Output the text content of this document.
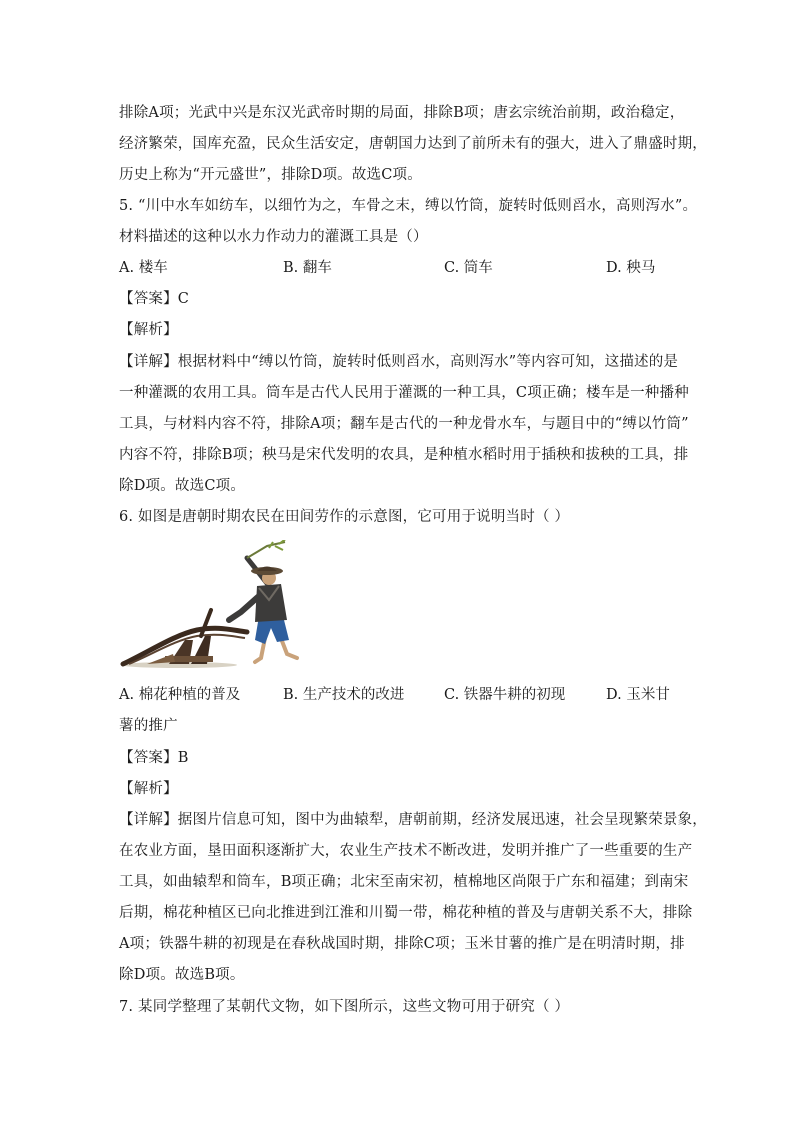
排除A项；光武中兴是东汉光武帝时期的局面，排除B项；唐玄宗统治前期，政治稳定，
经济繁荣，国库充盈，民众生活安定，唐朝国力达到了前所未有的强大，进入了鼎盛时期，
历史上称为“开元盛世”，排除D项。故选C项。
5. “川中水车如纺车，以细竹为之，车骨之末，缚以竹筒，旋转时低则舀水，高则泻水”。
材料描述的这种以水力作动力的灌溉工具是（）
A. 楼车	B. 翻车	C. 筒车	D. 秧马
【答案】C
【解析】
【详解】根据材料中“缚以竹筒，旋转时低则舀水，高则泻水”等内容可知，这描述的是
一种灌溉的农用工具。筒车是古代人民用于灌溉的一种工具，C项正确；楼车是一种播种
工具，与材料内容不符，排除A项；翻车是古代的一种龙骨水车，与题目中的“缚以竹筒”
内容不符，排除B项；秧马是宋代发明的农具，是种植水稻时用于插秧和拔秧的工具，排
除D项。故选C项。
6. 如图是唐朝时期农民在田间劳作的示意图，它可用于说明当时（ ）
A. 棉花种植的普及	B. 生产技术的改进	C. 铁器牛耕的初现	D. 玉米甘
薯的推广
【答案】B
【解析】
【详解】据图片信息可知，图中为曲辕犁，唐朝前期，经济发展迅速，社会呈现繁荣景象，
在农业方面，垦田面积逐渐扩大，农业生产技术不断改进，发明并推广了一些重要的生产
工具，如曲辕犁和筒车，B项正确；北宋至南宋初，植棉地区尚限于广东和福建；到南宋
后期，棉花种植区已向北推进到江淮和川蜀一带，棉花种植的普及与唐朝关系不大，排除
A项；铁器牛耕的初现是在春秋战国时期，排除C项；玉米甘薯的推广是在明清时期，排
除D项。故选B项。
7. 某同学整理了某朝代文物，如下图所示，这些文物可用于研究（ ）
